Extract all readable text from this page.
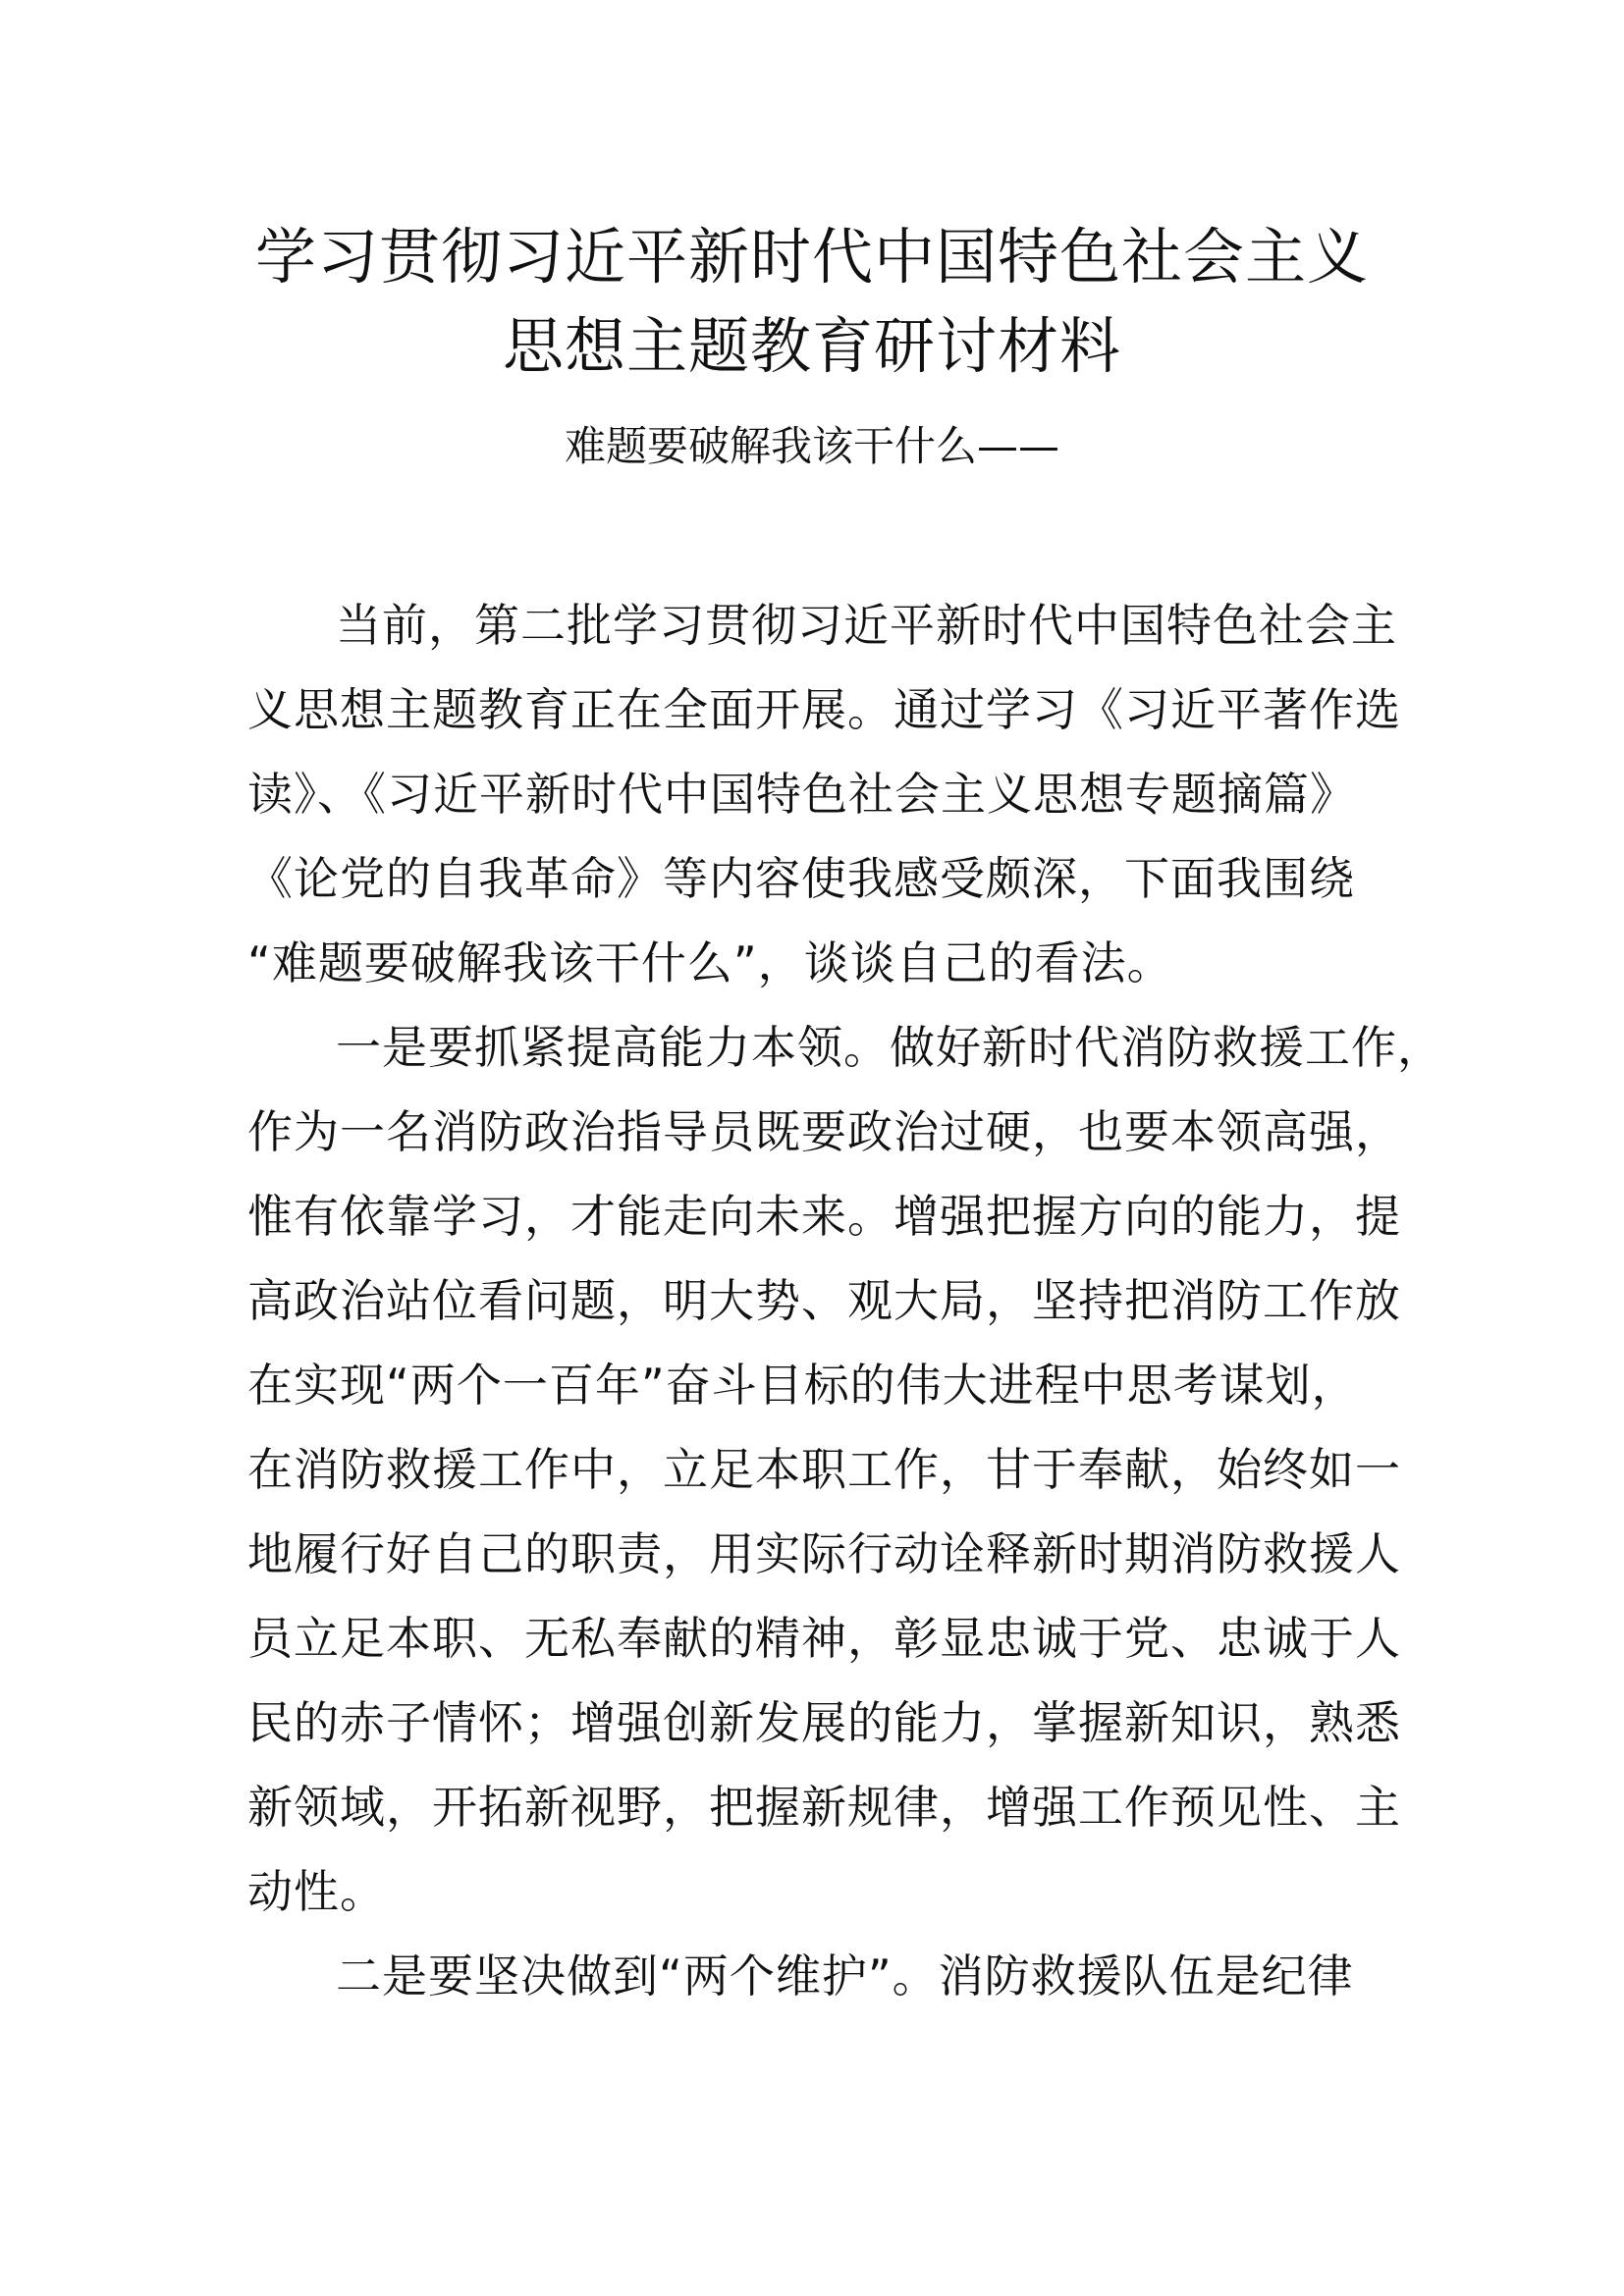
学习贯彻习近平新时代中国特色社会主义
思想主题教育研讨材料
难题要破解我该干什么——
当前，第二批学习贯彻习近平新时代中国特色社会主
义思想主题教育正在全面开展。通过学习《习近平著作选
读》、《习近平新时代中国特色社会主义思想专题摘篇》
《论党的自我革命》等内容使我感受颇深，下面我围绕
“难题要破解我该干什么”，谈谈自己的看法。
一是要抓紧提高能力本领。做好新时代消防救援工作，
作为一名消防政治指导员既要政治过硬，也要本领高强，
惟有依靠学习，才能走向未来。增强把握方向的能力，提
高政治站位看问题，明大势、观大局，坚持把消防工作放
在实现“两个一百年”奋斗目标的伟大进程中思考谋划，
在消防救援工作中，立足本职工作，甘于奉献，始终如一
地履行好自己的职责，用实际行动诠释新时期消防救援人
员立足本职、无私奉献的精神，彰显忠诚于党、忠诚于人
民的赤子情怀；增强创新发展的能力，掌握新知识，熟悉
新领域，开拓新视野，把握新规律，增强工作预见性、主
动性。
二是要坚决做到“两个维护”。消防救援队伍是纪律
